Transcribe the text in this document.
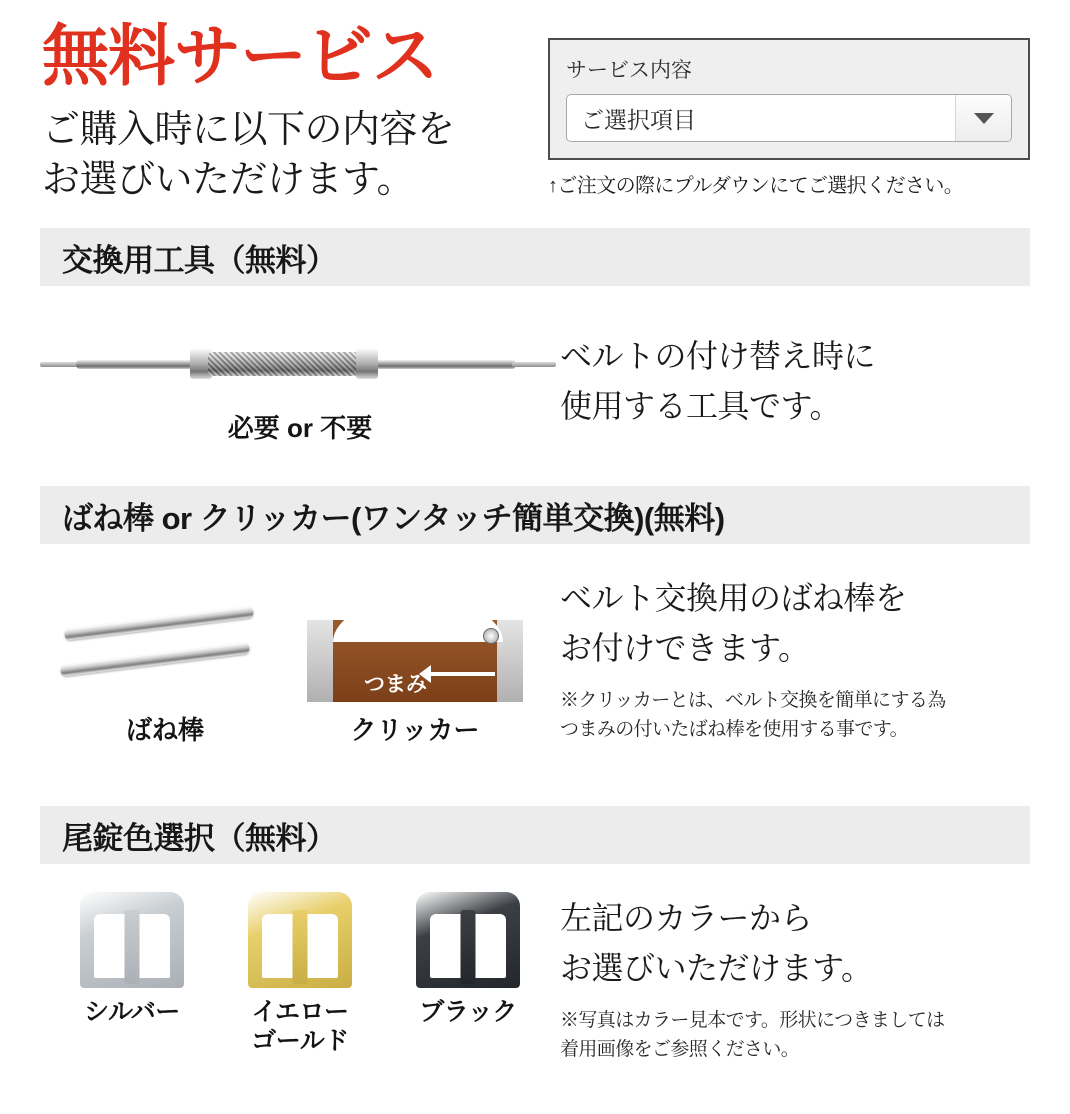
無料サービス
ご購入時に以下の内容を
お選びいただけます。
サービス内容
ご選択項目
↑ご注文の際にプルダウンにてご選択ください。
交換用工具（無料）
必要 or 不要
ベルトの付け替え時に
使用する工具です。
ばね棒 or クリッカー(ワンタッチ簡単交換)(無料)
ばね棒
つまみ
クリッカー
ベルト交換用のばね棒を
お付けできます。
※クリッカーとは、ベルト交換を簡単にする為
つまみの付いたばね棒を使用する事です。
尾錠色選択（無料）
シルバー	イエロー
ゴールド
ブラック
左記のカラーから
お選びいただけます。
※写真はカラー見本です。形状につきましては
着用画像をご参照ください。
